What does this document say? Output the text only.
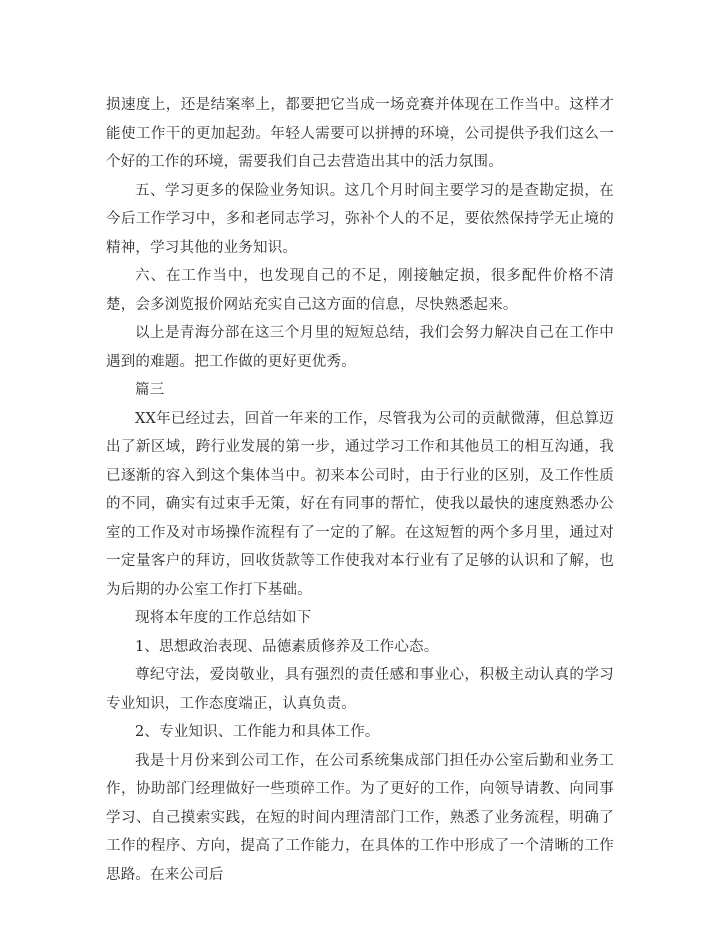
损速度上，还是结案率上，都要把它当成一场竞赛并体现在工作当中。这样才能使工作干的更加起劲。年轻人需要可以拼搏的环境，公司提供予我们这么一个好的工作的环境，需要我们自己去营造出其中的活力氛围。

五、学习更多的保险业务知识。这几个月时间主要学习的是查勘定损，在今后工作学习中，多和老同志学习，弥补个人的不足，要依然保持学无止境的精神，学习其他的业务知识。

六、在工作当中，也发现自己的不足，刚接触定损，很多配件价格不清楚，会多浏览报价网站充实自己这方面的信息，尽快熟悉起来。

以上是青海分部在这三个月里的短短总结，我们会努力解决自己在工作中遇到的难题。把工作做的更好更优秀。

篇三

XX年已经过去，回首一年来的工作，尽管我为公司的贡献微薄，但总算迈出了新区域，跨行业发展的第一步，通过学习工作和其他员工的相互沟通，我已逐渐的容入到这个集体当中。初来本公司时，由于行业的区别，及工作性质的不同，确实有过束手无策，好在有同事的帮忙，使我以最快的速度熟悉办公室的工作及对市场操作流程有了一定的了解。在这短暂的两个多月里，通过对一定量客户的拜访，回收货款等工作使我对本行业有了足够的认识和了解，也为后期的办公室工作打下基础。

现将本年度的工作总结如下

1、思想政治表现、品德素质修养及工作心态。

尊纪守法，爱岗敬业，具有强烈的责任感和事业心，积极主动认真的学习专业知识，工作态度端正，认真负责。

2、专业知识、工作能力和具体工作。

我是十月份来到公司工作，在公司系统集成部门担任办公室后勤和业务工作，协助部门经理做好一些琐碎工作。为了更好的工作，向领导请教、向同事学习、自己摸索实践，在短的时间内理清部门工作，熟悉了业务流程，明确了工作的程序、方向，提高了工作能力，在具体的工作中形成了一个清晰的工作思路。在来公司后
